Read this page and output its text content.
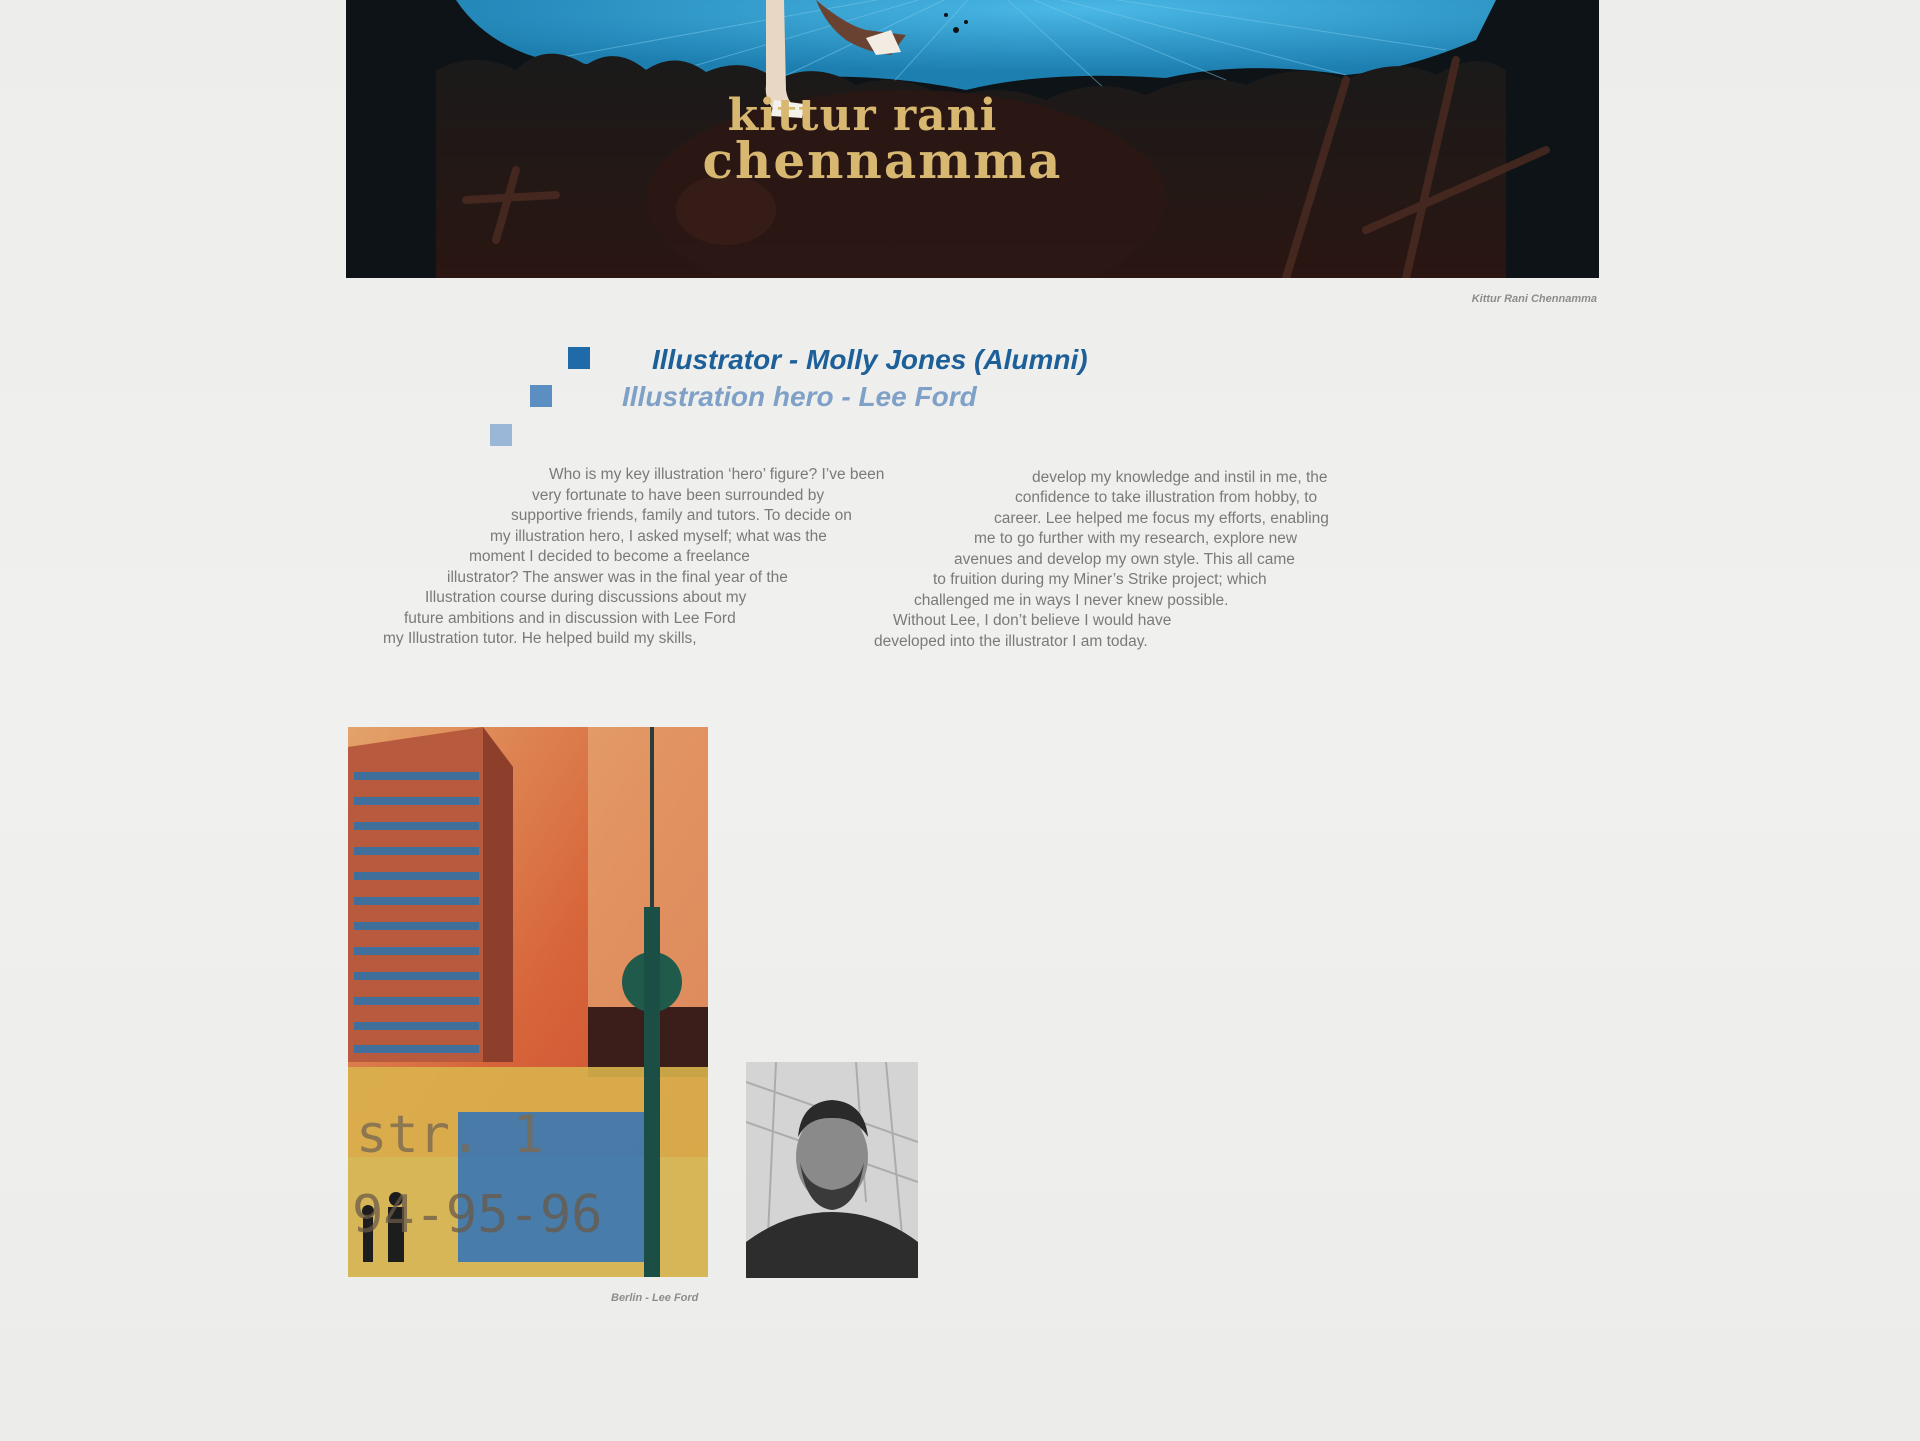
kittur rani
chennamma
Kittur Rani Chennamma
Illustrator - Molly Jones (Alumni)
Illustration hero - Lee Ford
Who is my key illustration ‘hero’ figure? I’ve been
very fortunate to have been surrounded by
supportive friends, family and tutors. To decide on
my illustration hero, I asked myself; what was the
moment I decided to become a freelance
illustrator? The answer was in the final year of the
Illustration course during discussions about my
future ambitions and in discussion with Lee Ford
my Illustration tutor. He helped build my skills,
develop my knowledge and instil in me, the
confidence to take illustration from hobby, to
career. Lee helped me focus my efforts, enabling
me to go further with my research, explore new
avenues and develop my own style. This all came
to fruition during my Miner’s Strike project; which
challenged me in ways I never knew possible.
Without Lee, I don’t believe I would have
developed into the illustrator I am today.
str. 1
94-95-96
Berlin - Lee Ford
